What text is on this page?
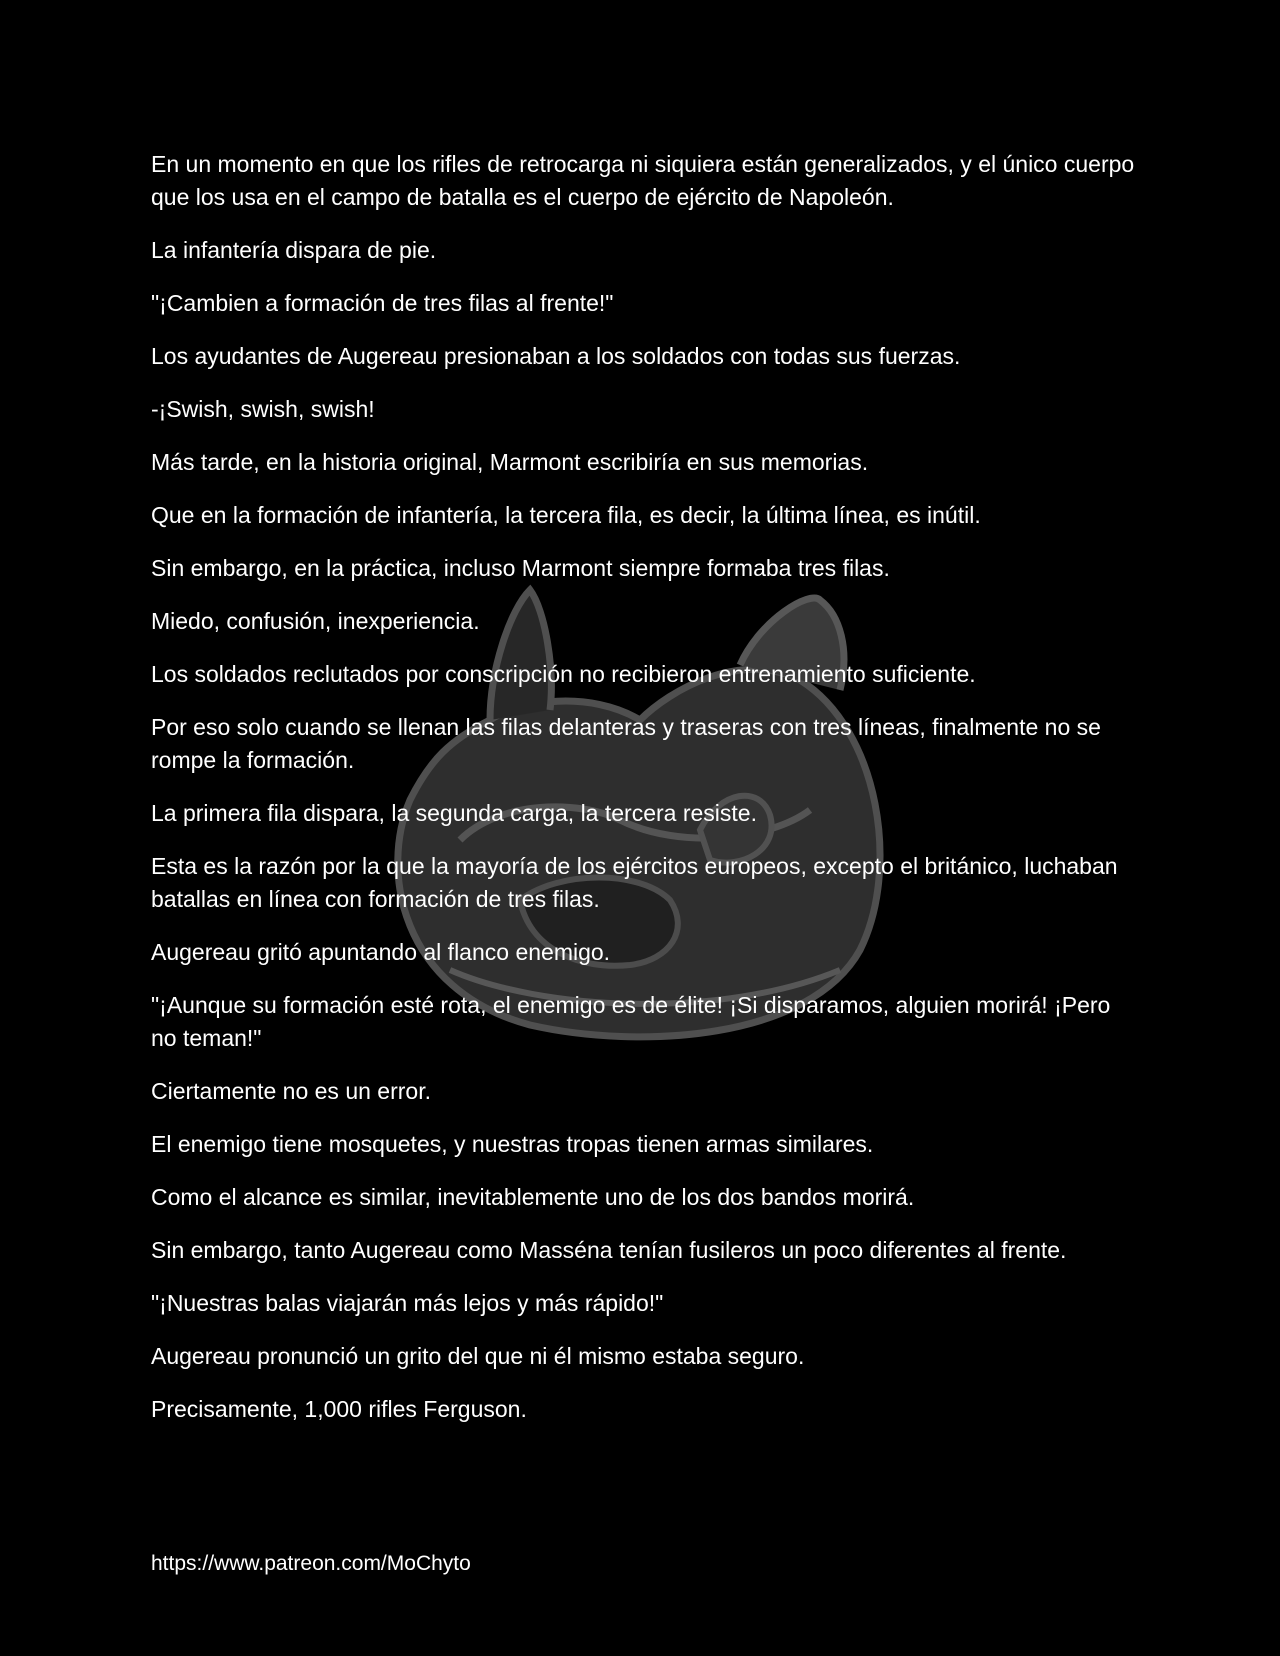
En un momento en que los rifles de retrocarga ni siquiera están generalizados, y el único cuerpo que los usa en el campo de batalla es el cuerpo de ejército de Napoleón.

La infantería dispara de pie.

"¡Cambien a formación de tres filas al frente!"

Los ayudantes de Augereau presionaban a los soldados con todas sus fuerzas.

-¡Swish, swish, swish!

Más tarde, en la historia original, Marmont escribiría en sus memorias.

Que en la formación de infantería, la tercera fila, es decir, la última línea, es inútil.

Sin embargo, en la práctica, incluso Marmont siempre formaba tres filas.

Miedo, confusión, inexperiencia.

Los soldados reclutados por conscripción no recibieron entrenamiento suficiente.

Por eso solo cuando se llenan las filas delanteras y traseras con tres líneas, finalmente no se rompe la formación.

La primera fila dispara, la segunda carga, la tercera resiste.

Esta es la razón por la que la mayoría de los ejércitos europeos, excepto el británico, luchaban batallas en línea con formación de tres filas.

Augereau gritó apuntando al flanco enemigo.

"¡Aunque su formación esté rota, el enemigo es de élite! ¡Si disparamos, alguien morirá! ¡Pero no teman!"

Ciertamente no es un error.

El enemigo tiene mosquetes, y nuestras tropas tienen armas similares.

Como el alcance es similar, inevitablemente uno de los dos bandos morirá.

Sin embargo, tanto Augereau como Masséna tenían fusileros un poco diferentes al frente.

"¡Nuestras balas viajarán más lejos y más rápido!"

Augereau pronunció un grito del que ni él mismo estaba seguro.

Precisamente, 1,000 rifles Ferguson.

https://www.patreon.com/MoChyto
